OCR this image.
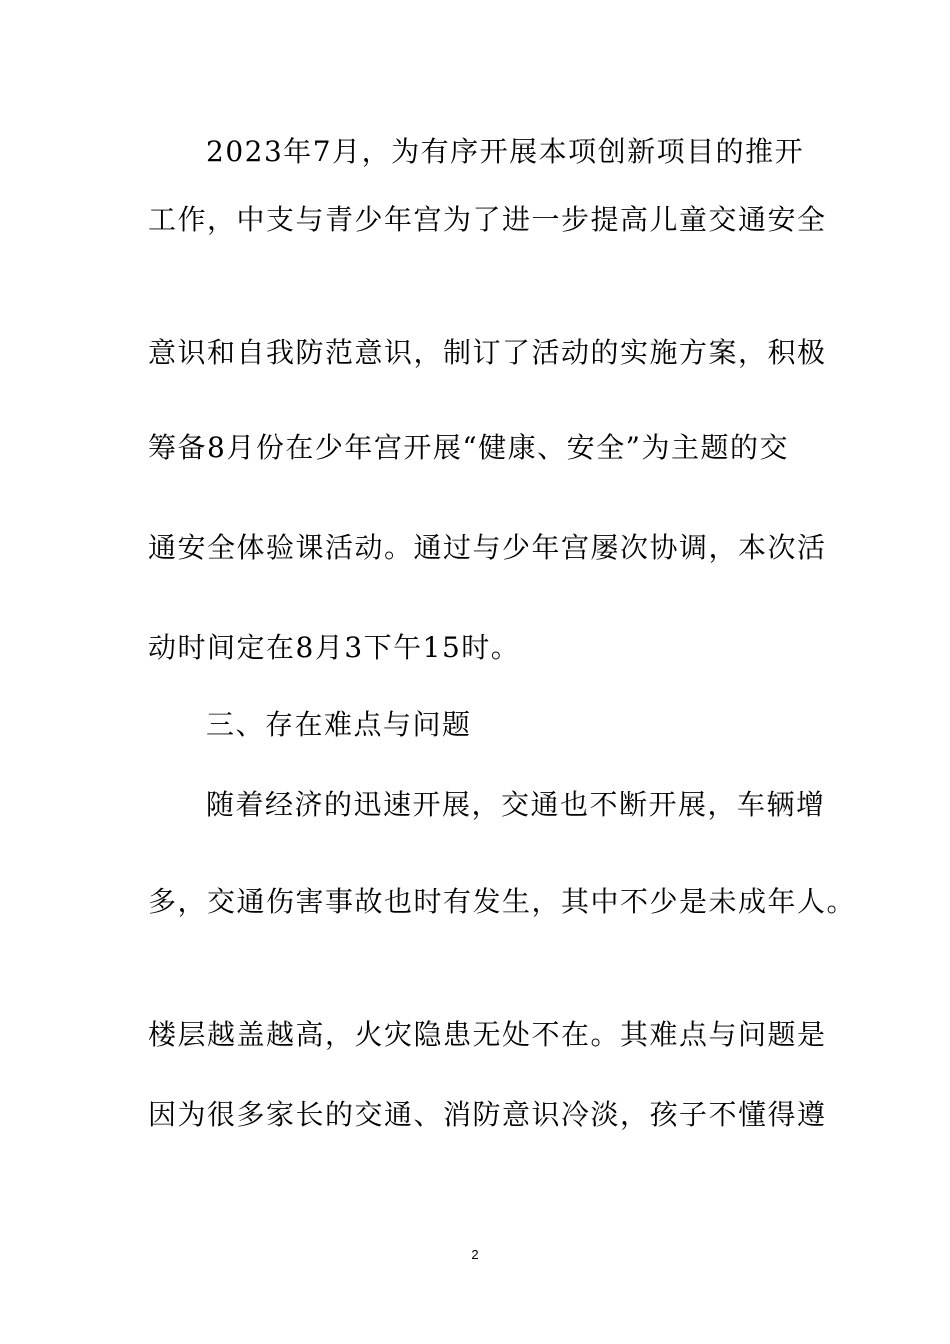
2023年7月，为有序开展本项创新项目的推开

工作，中支与青少年宫为了进一步提高儿童交通安全

意识和自我防范意识，制订了活动的实施方案，积极

筹备8月份在少年宫开展“健康、安全”为主题的交

通安全体验课活动。通过与少年宫屡次协调，本次活

动时间定在8月3下午15时。

三、存在难点与问题

随着经济的迅速开展，交通也不断开展，车辆增

多，交通伤害事故也时有发生，其中不少是未成年人。

楼层越盖越高，火灾隐患无处不在。其难点与问题是

因为很多家长的交通、消防意识冷淡，孩子不懂得遵

2
